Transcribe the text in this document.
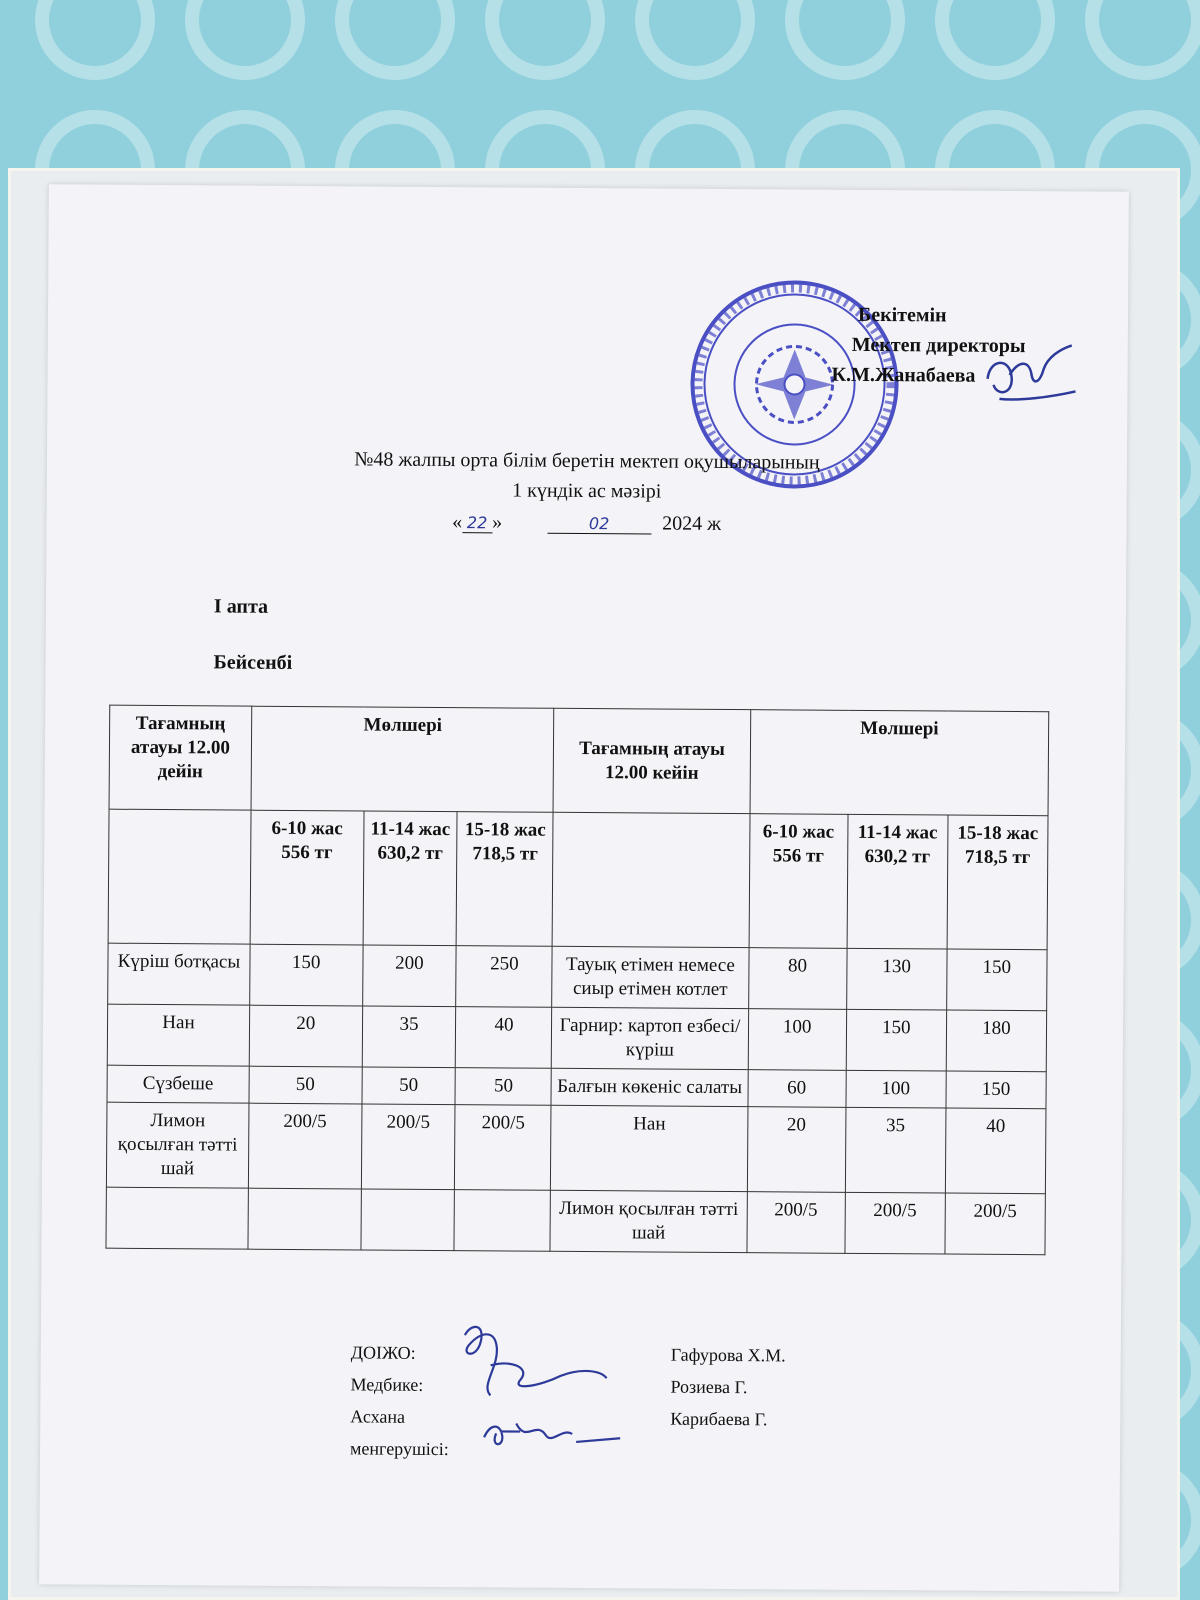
Бекітемін
Мектеп директоры
К.М.Жанабаева
№48 жалпы орта білім беретін мектеп оқушыларының
1 күндік ас мәзірі
« 22 »	02	2024 ж
I апта
Бейсенбі
Тағамның атауы 12.00 дейін	Мөлшері			Тағамның атауы 12.00 кейін	Мөлшері		
	6-10 жас 556 тг	11-14 жас 630,2 тг	15-18 жас 718,5 тг		6-10 жас 556 тг	11-14 жас 630,2 тг	15-18 жас 718,5 тг
Күріш ботқасы	150	200	250	Тауық етімен немесе сиыр етімен котлет	80	130	150
Нан	20	35	40	Гарнир: картоп езбесі/күріш	100	150	180
Сүзбеше	50	50	50	Балғын көкеніс салаты	60	100	150
Лимон қосылған тәтті шай	200/5	200/5	200/5	Нан	20	35	40
				Лимон қосылған тәтті шай	200/5	200/5	200/5
ДОІЖО:	Гафурова Х.М.
Медбике:	Розиева Г.
Асхана менгерушісі:
Карибаева Г.
